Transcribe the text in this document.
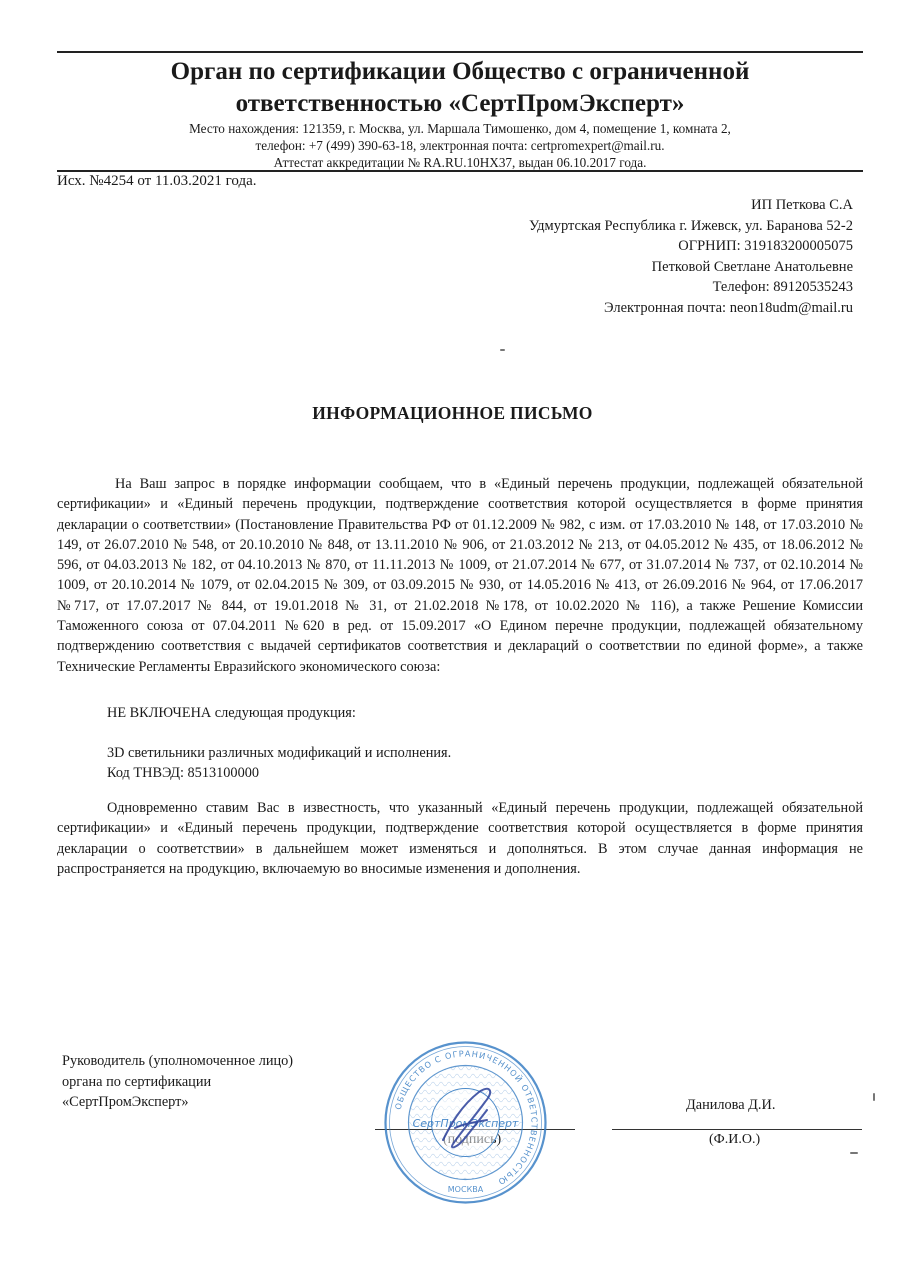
Орган по сертификации Общество с ограниченной

ответственностью «СертПромЭксперт»

Место нахождения: 121359, г. Москва, ул. Маршала Тимошенко, дом 4, помещение 1, комната 2,

телефон: +7 (499) 390-63-18, электронная почта: certpromexpert@mail.ru.

Аттестат аккредитации № RA.RU.10НХ37, выдан 06.10.2017 года.

Исх. №4254 от 11.03.2021 года.
ИП Петкова С.А
Удмуртская Республика г. Ижевск, ул. Баранова 52-2
ОГРНИП: 319183200005075
Петковой Светлане Анатольевне
Телефон: 89120535243
Электронная почта: neon18udm@mail.ru
ИНФОРМАЦИОННОЕ ПИСЬМО

На Ваш запрос в порядке информации сообщаем, что в «Единый перечень продукции, подлежащей обязательной сертификации» и «Единый перечень продукции, подтверждение соответствия которой осуществляется в форме принятия декларации о соответствии» (Постановление Правительства РФ от 01.12.2009 № 982, с изм. от 17.03.2010 № 148, от 17.03.2010 № 149, от 26.07.2010 № 548, от 20.10.2010 № 848, от 13.11.2010 № 906, от 21.03.2012 № 213, от 04.05.2012 № 435, от 18.06.2012 № 596, от 04.03.2013 № 182, от 04.10.2013 № 870, от 11.11.2013 № 1009, от 21.07.2014 № 677, от 31.07.2014 № 737, от 02.10.2014 № 1009, от 20.10.2014 № 1079, от 02.04.2015 № 309, от 03.09.2015 № 930, от 14.05.2016 № 413, от 26.09.2016 № 964, от 17.06.2017 №717, от 17.07.2017 № 844, от 19.01.2018 № 31, от 21.02.2018 №178, от 10.02.2020 № 116), а также Решение Комиссии Таможенного союза от 07.04.2011 №620 в ред. от 15.09.2017 «О Едином перечне продукции, подлежащей обязательному подтверждению соответствия с выдачей сертификатов соответствия и деклараций о соответствии по единой форме», а также Технические Регламенты Евразийского экономического союза:

НЕ ВКЛЮЧЕНА следующая продукция:
3D светильники различных модификаций и исполнения.
Код ТНВЭД: 8513100000

Одновременно ставим Вас в известность, что указанный «Единый перечень продукции, подлежащей обязательной сертификации» и «Единый перечень продукции, подтверждение соответствия которой осуществляется в форме принятия декларации о соответствии» в дальнейшем может изменяться и дополняться. В этом случае данная информация не распространяется на продукцию, включаемую во вносимые изменения и дополнения.

Руководитель (уполномоченное лицо)
органа по сертификации
«СертПромЭксперт»	Данилова Д.И.
(Ф.И.О.)
ОБЩЕСТВО С ОГРАНИЧЕННОЙ ОТВЕТСТВЕННОСТЬЮ
СертПромЭксперт
МОСКВА
